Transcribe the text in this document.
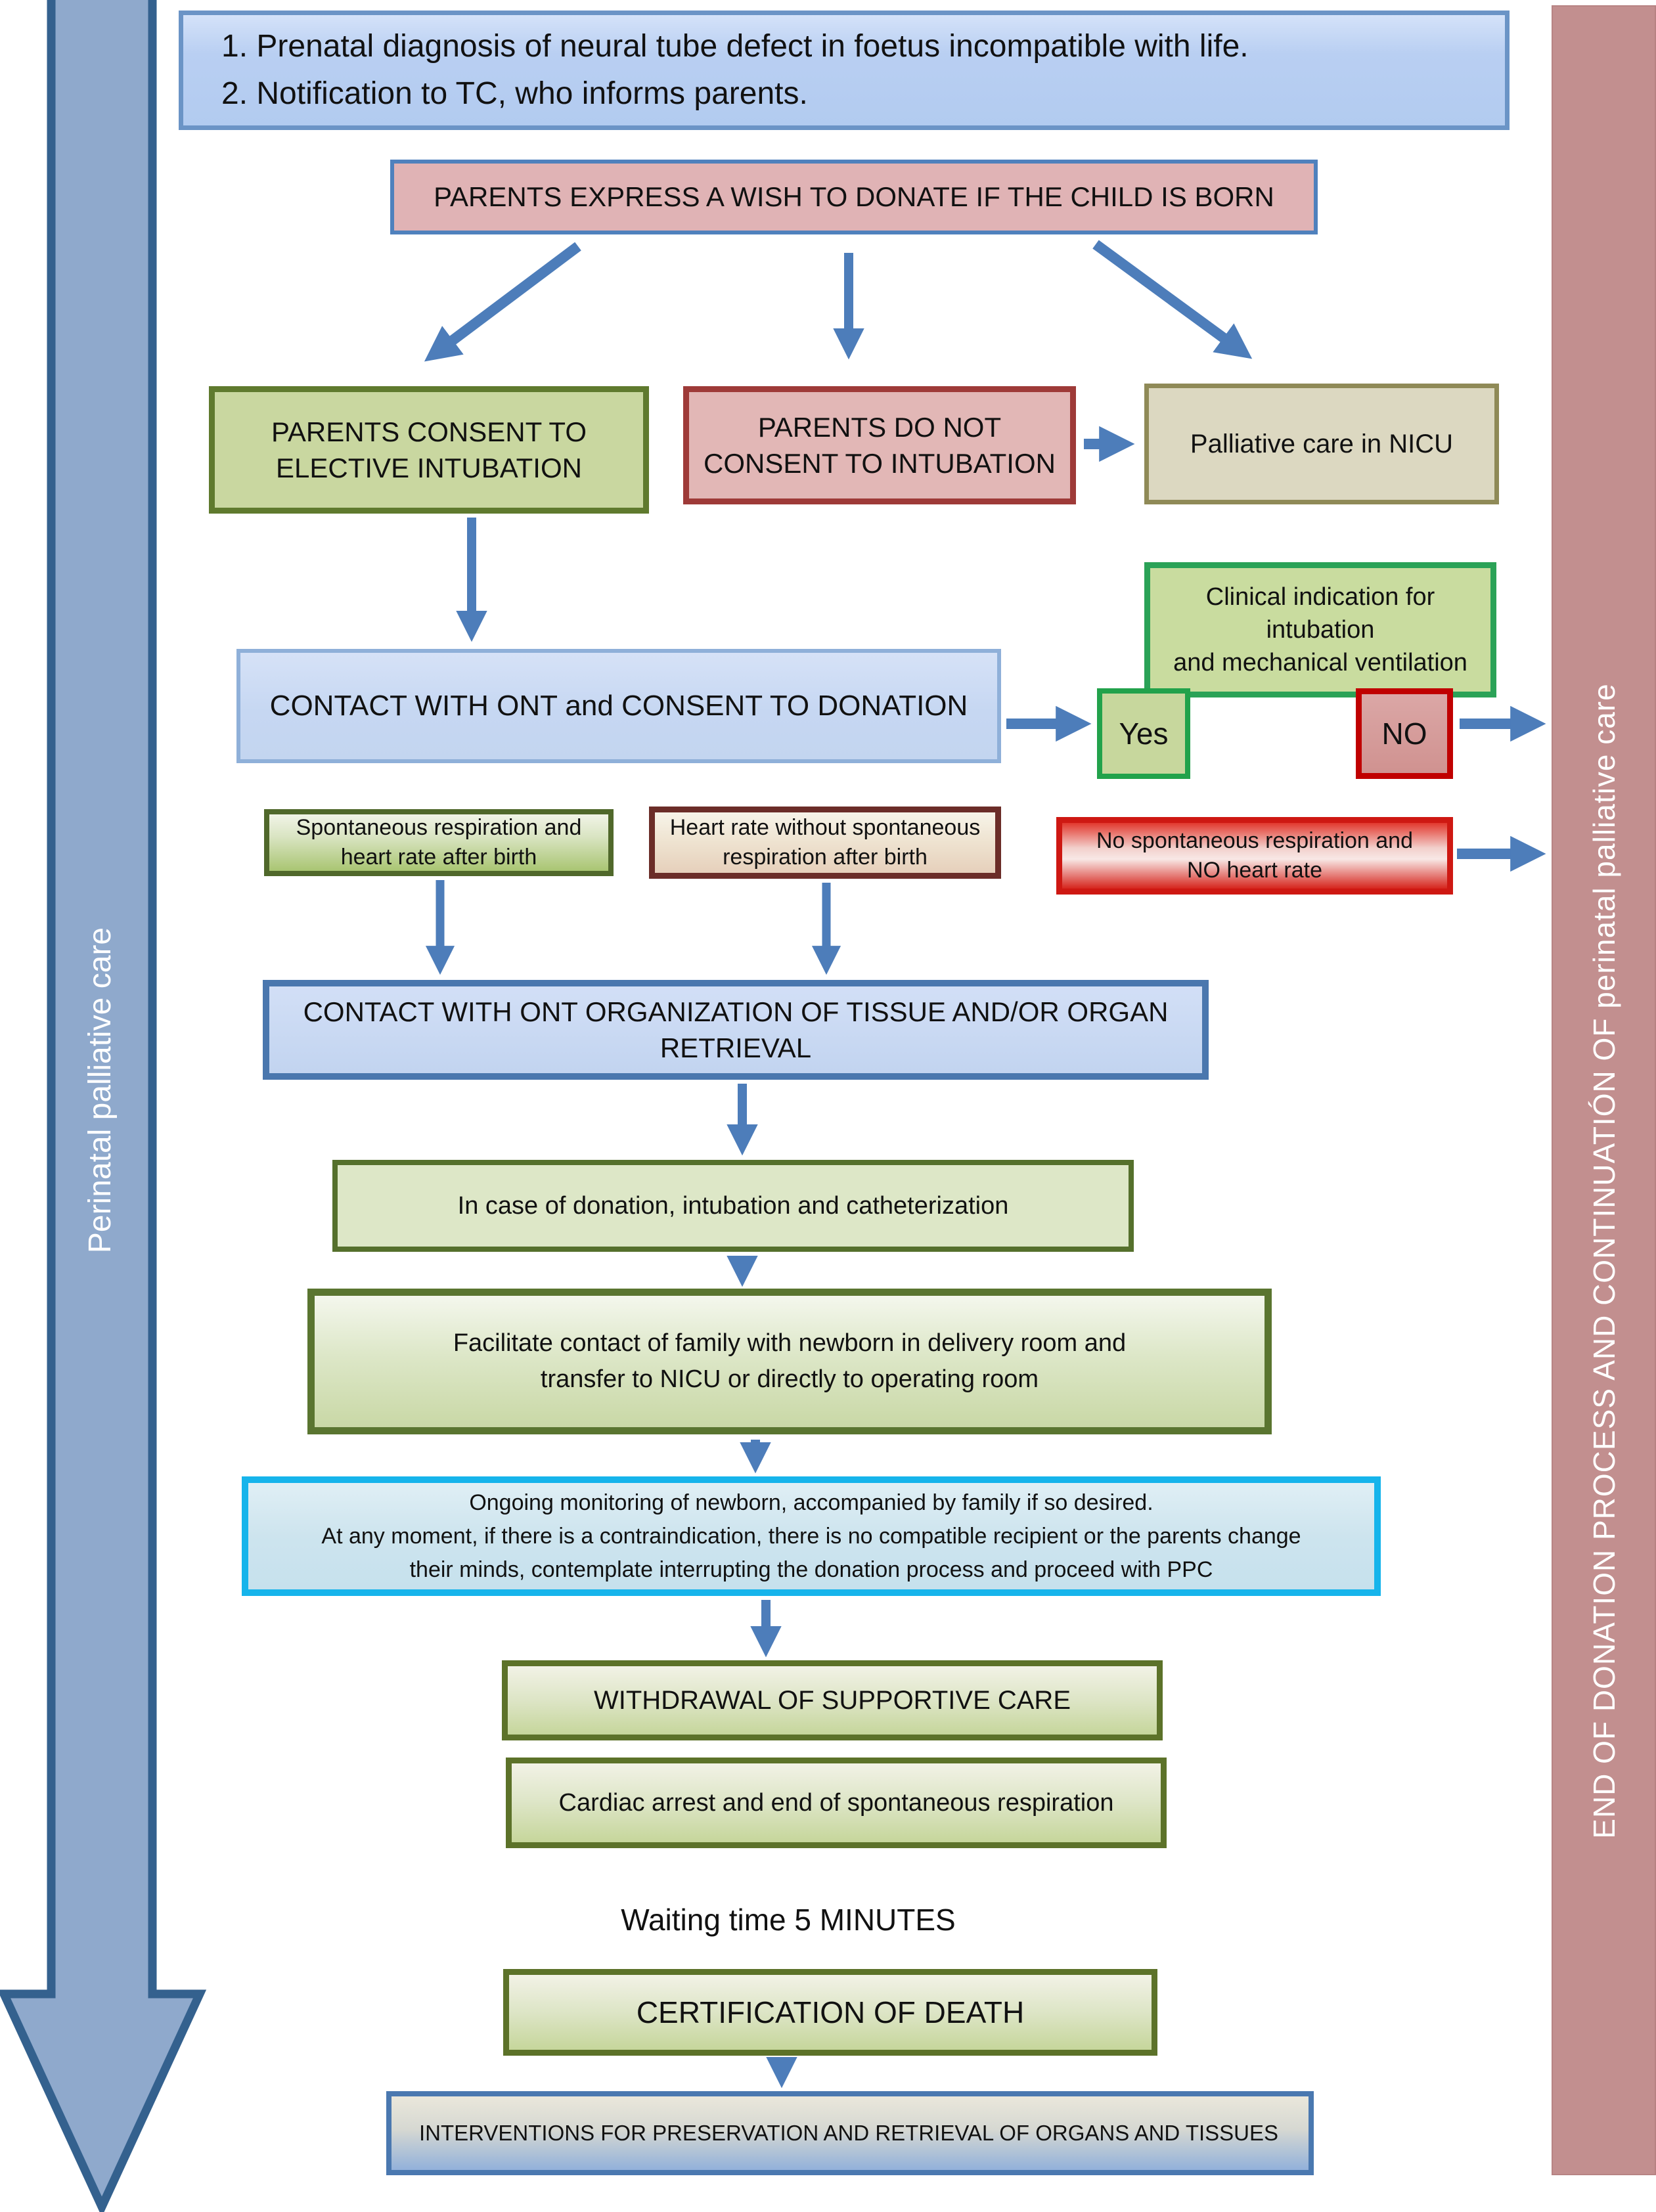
Perinatal palliative care	END OF DONATION PROCESS AND CONTINUATIÓN OF perinatal palliative care
1. Prenatal diagnosis of neural tube defect in foetus incompatible with life.
2. Notification to TC, who informs parents.
PARENTS EXPRESS A WISH TO DONATE IF THE CHILD IS BORN
PARENTS CONSENT TO
ELECTIVE INTUBATION
PARENTS DO NOT
CONSENT TO INTUBATION
Palliative care in NICU
Clinical indication for intubation
and mechanical ventilation
CONTACT WITH ONT and CONSENT TO DONATION
Yes	NO
Spontaneous respiration and
heart rate after birth
Heart rate without spontaneous
respiration after birth
No spontaneous respiration and
NO heart rate
CONTACT WITH ONT ORGANIZATION OF TISSUE AND/OR ORGAN RETRIEVAL
In case of donation, intubation and catheterization
Facilitate contact of family with newborn in delivery room and
transfer to NICU or directly to operating room
Ongoing monitoring of newborn, accompanied by family if so desired.
At any moment, if there is a contraindication, there is no compatible recipient or the parents change
their minds, contemplate interrupting the donation process and proceed with PPC
WITHDRAWAL OF SUPPORTIVE CARE
Cardiac arrest and end of spontaneous respiration
Waiting time 5 MINUTES
CERTIFICATION OF DEATH
INTERVENTIONS FOR PRESERVATION AND RETRIEVAL OF ORGANS AND TISSUES
